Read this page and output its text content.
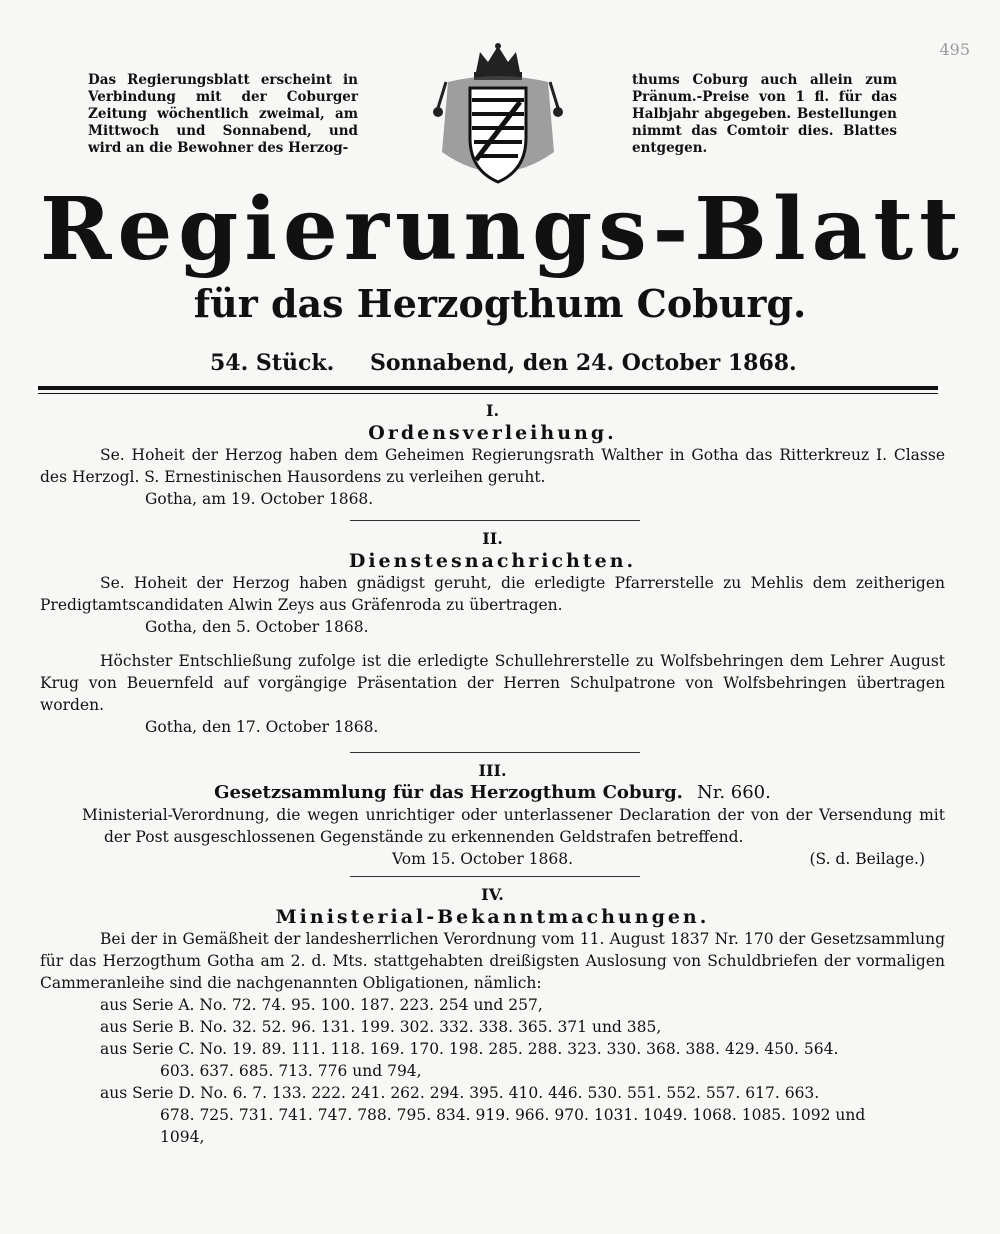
495
Das Regierungsblatt erscheint in Verbindung mit der Coburger Zeitung wöchentlich zweimal, am Mittwoch und Sonnabend, und wird an die Bewohner des Herzog-
thums Coburg auch allein zum Pränum.-Preise von 1 fl. für das Halbjahr abgegeben. Bestellungen nimmt das Comtoir dies. Blattes entgegen.
Regierungs-Blatt
für das Herzogthum Coburg.
54. Stück. Sonnabend, den 24. October 1868.
I.
Ordensverleihung.

Se. Hoheit der Herzog haben dem Geheimen Regierungsrath Walther in Gotha das Ritterkreuz I. Classe des Herzogl. S. Ernestinischen Hausordens zu verleihen geruht.

Gotha, am 19. October 1868.
II.
Dienstesnachrichten.

Se. Hoheit der Herzog haben gnädigst geruht, die erledigte Pfarrerstelle zu Mehlis dem zeitherigen Predigtamtscandidaten Alwin Zeys aus Gräfenroda zu übertragen.

Gotha, den 5. October 1868.

Höchster Entschließung zufolge ist die erledigte Schullehrerstelle zu Wolfsbehringen dem Lehrer August Krug von Beuernfeld auf vorgängige Präsentation der Herren Schulpatrone von Wolfsbehringen übertragen worden.

Gotha, den 17. October 1868.
III.
Gesetzsammlung für das Herzogthum Coburg. Nr. 660.

Ministerial-Verordnung, die wegen unrichtiger oder unterlassener Declaration der von der Versendung mit der Post ausgeschlossenen Gegenstände zu erkennenden Geldstrafen betreffend.

Vom 15. October 1868.	(S. d. Beilage.)
IV.
Ministerial-Bekanntmachungen.

Bei der in Gemäßheit der landesherrlichen Verordnung vom 11. August 1837 Nr. 170 der Gesetzsammlung für das Herzogthum Gotha am 2. d. Mts. stattgehabten dreißigsten Auslosung von Schuldbriefen der vormaligen Cammeranleihe sind die nachgenannten Obligationen, nämlich:

aus Serie A. No. 72. 74. 95. 100. 187. 223. 254 und 257,

aus Serie B. No. 32. 52. 96. 131. 199. 302. 332. 338. 365. 371 und 385,

aus Serie C. No. 19. 89. 111. 118. 169. 170. 198. 285. 288. 323. 330. 368. 388. 429. 450. 564.

603. 637. 685. 713. 776 und 794,

aus Serie D. No. 6. 7. 133. 222. 241. 262. 294. 395. 410. 446. 530. 551. 552. 557. 617. 663.

678. 725. 731. 741. 747. 788. 795. 834. 919. 966. 970. 1031. 1049. 1068. 1085. 1092 und

1094,
